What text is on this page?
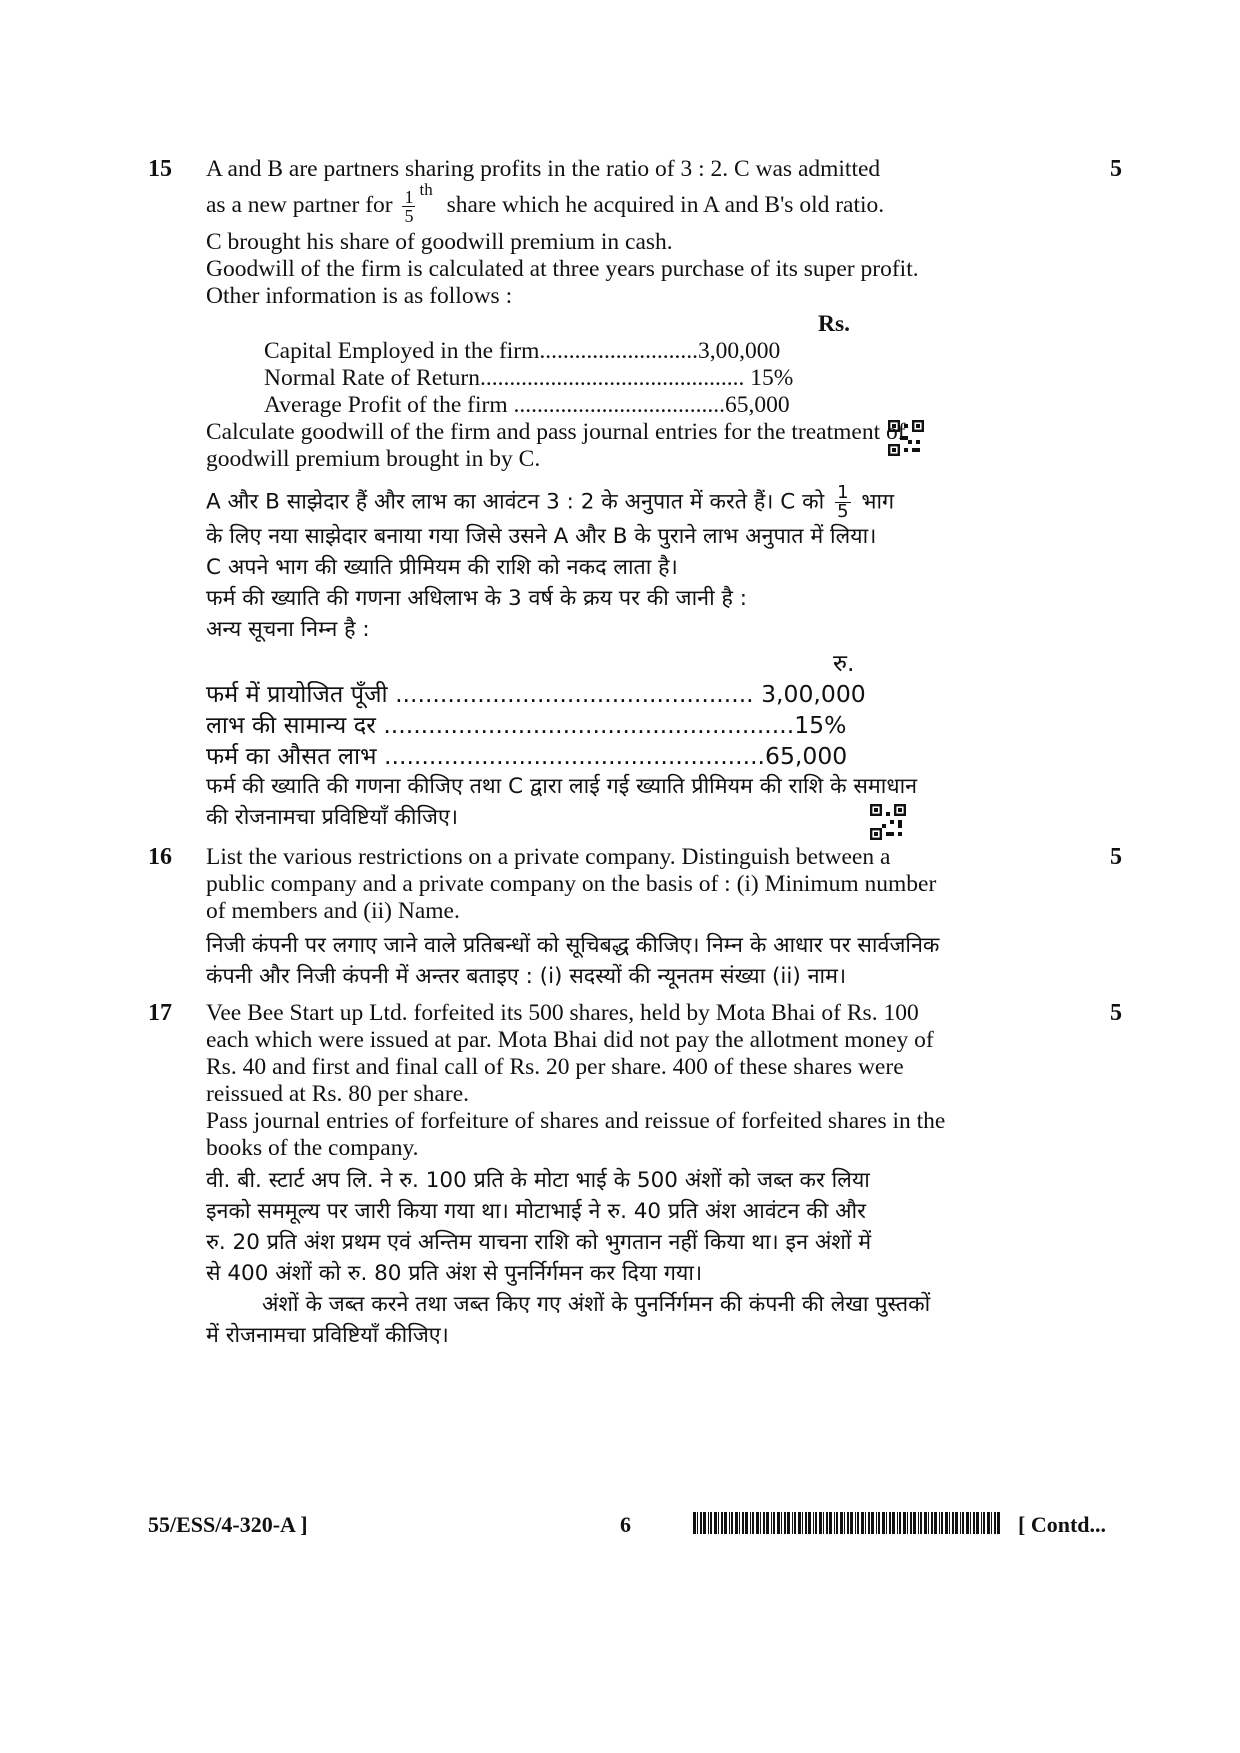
15	5
A and B are partners sharing profits in the ratio of 3 : 2. C was admitted
as a new partner for $\frac{1}{5} ^{th}$ share which he acquired in A and B's old ratio.
C brought his share of goodwill premium in cash.
Goodwill of the firm is calculated at three years purchase of its super profit.
Other information is as follows :
Rs.
Capital Employed in the firm...........................3,00,000
Normal Rate of Return............................................. 15%
Average Profit of the firm ....................................65,000
Calculate goodwill of the firm and pass journal entries for the treatment of
goodwill premium brought in by C.
A और B साझेदार हैं और लाभ का आवंटन 3 : 2 के अनुपात में करते हैं। C को $\frac{1}{5}$ भाग
के लिए नया साझेदार बनाया गया जिसे उसने A और B के पुराने लाभ अनुपात में लिया।
C अपने भाग की ख्याति प्रीमियम की राशि को नकद लाता है।
फर्म की ख्याति की गणना अधिलाभ के 3 वर्ष के क्रय पर की जानी है :
अन्य सूचना निम्न है :
रु.
फर्म में प्रायोजित पूँजी ................................................ 3,00,000
लाभ की सामान्य दर .......................................................15%
फर्म का औसत लाभ ...................................................65,000
फर्म की ख्याति की गणना कीजिए तथा C द्वारा लाई गई ख्याति प्रीमियम की राशि के समाधान
की रोजनामचा प्रविष्टियाँ कीजिए।
16	5
List the various restrictions on a private company. Distinguish between a
public company and a private company on the basis of : (i) Minimum number
of members and (ii) Name.
निजी कंपनी पर लगाए जाने वाले प्रतिबन्धों को सूचिबद्ध कीजिए। निम्न के आधार पर सार्वजनिक
कंपनी और निजी कंपनी में अन्तर बताइए : (i) सदस्यों की न्यूनतम संख्या (ii) नाम।
17	5
Vee Bee Start up Ltd. forfeited its 500 shares, held by Mota Bhai of Rs. 100
each which were issued at par. Mota Bhai did not pay the allotment money of
Rs. 40 and first and final call of Rs. 20 per share. 400 of these shares were
reissued at Rs. 80 per share.
Pass journal entries of forfeiture of shares and reissue of forfeited shares in the
books of the company.
वी. बी. स्टार्ट अप लि. ने रु. 100 प्रति के मोटा भाई के 500 अंशों को जब्त कर लिया
इनको सममूल्य पर जारी किया गया था। मोटाभाई ने रु. 40 प्रति अंश आवंटन की और
रु. 20 प्रति अंश प्रथम एवं अन्तिम याचना राशि को भुगतान नहीं किया था। इन अंशों में
से 400 अंशों को रु. 80 प्रति अंश से पुनर्निर्गमन कर दिया गया।
अंशों के जब्त करने तथा जब्त किए गए अंशों के पुनर्निर्गमन की कंपनी की लेखा पुस्तकों
में रोजनामचा प्रविष्टियाँ कीजिए।
55/ESS/4-320-A ]	6	[ Contd...
